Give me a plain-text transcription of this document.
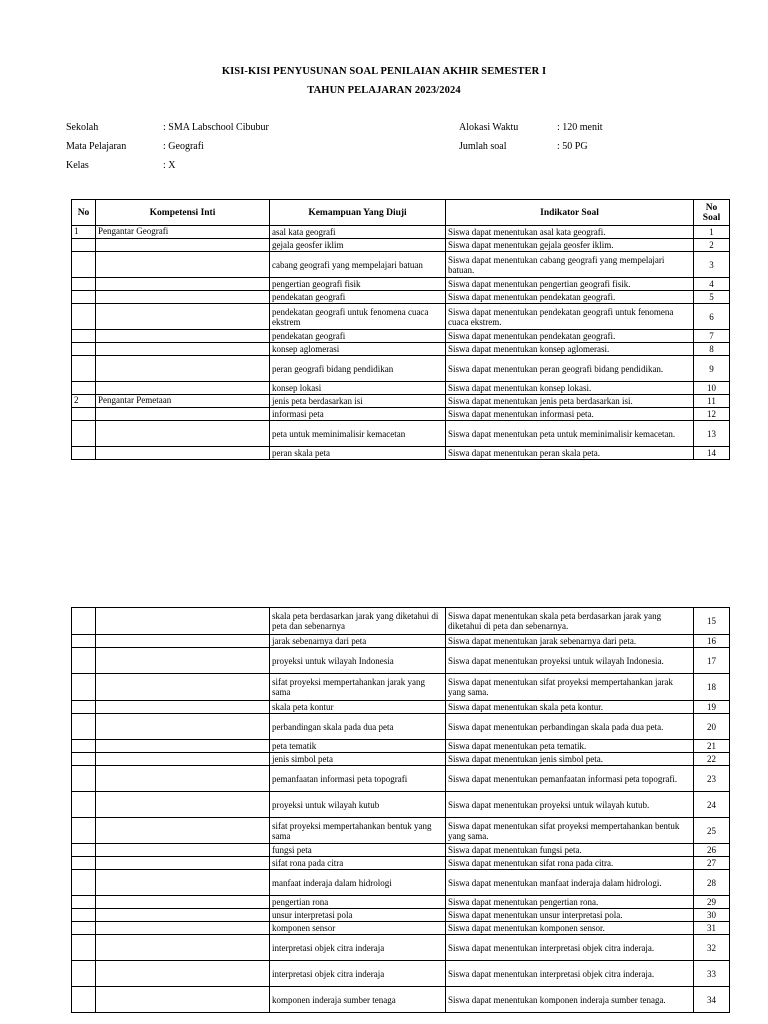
KISI-KISI PENYUSUNAN SOAL PENILAIAN AKHIR SEMESTER I
TAHUN PELAJARAN 2023/2024
Sekolah	: SMA Labschool Cibubur
Mata Pelajaran	: Geografi
Kelas	: X
Alokasi Waktu	: 120 menit
Jumlah soal	: 50 PG
No	Kompetensi Inti	Kemampuan Yang Diuji	Indikator Soal	No Soal
1	Pengantar Geografi	asal kata geografi	Siswa dapat menentukan asal kata geografi.	1
		gejala geosfer iklim	Siswa dapat menentukan gejala geosfer iklim.	2
		cabang geografi yang mempelajari batuan	Siswa dapat menentukan cabang geografi yang mempelajari batuan.	3
		pengertian geografi fisik	Siswa dapat menentukan pengertian geografi fisik.	4
		pendekatan geografi	Siswa dapat menentukan pendekatan geografi.	5
		pendekatan geografi untuk fenomena cuaca ekstrem	Siswa dapat menentukan pendekatan geografi untuk fenomena cuaca ekstrem.	6
		pendekatan geografi	Siswa dapat menentukan pendekatan geografi.	7
		konsep aglomerasi	Siswa dapat menentukan konsep aglomerasi.	8
		peran geografi bidang pendidikan	Siswa dapat menentukan peran geografi bidang pendidikan.	9
		konsep lokasi	Siswa dapat menentukan konsep lokasi.	10
2	Pengantar Pemetaan	jenis peta berdasarkan isi	Siswa dapat menentukan jenis peta berdasarkan isi.	11
		informasi peta	Siswa dapat menentukan informasi peta.	12
		peta untuk meminimalisir kemacetan	Siswa dapat menentukan peta untuk meminimalisir kemacetan.	13
		peran skala peta	Siswa dapat menentukan peran skala peta.	14
		skala peta berdasarkan jarak yang diketahui di peta dan sebenarnya	Siswa dapat menentukan skala peta berdasarkan jarak yang diketahui di peta dan sebenarnya.	15
		jarak sebenarnya dari peta	Siswa dapat menentukan jarak sebenarnya dari peta.	16
		proyeksi untuk wilayah Indonesia	Siswa dapat menentukan proyeksi untuk wilayah Indonesia.	17
		sifat proyeksi mempertahankan jarak yang sama	Siswa dapat menentukan sifat proyeksi mempertahankan jarak yang sama.	18
		skala peta kontur	Siswa dapat menentukan skala peta kontur.	19
		perbandingan skala pada dua peta	Siswa dapat menentukan perbandingan skala pada dua peta.	20
		peta tematik	Siswa dapat menentukan peta tematik.	21
		jenis simbol peta	Siswa dapat menentukan jenis simbol peta.	22
		pemanfaatan informasi peta topografi	Siswa dapat menentukan pemanfaatan informasi peta topografi.	23
		proyeksi untuk wilayah kutub	Siswa dapat menentukan proyeksi untuk wilayah kutub.	24
		sifat proyeksi mempertahankan bentuk yang sama	Siswa dapat menentukan sifat proyeksi mempertahankan bentuk yang sama.	25
		fungsi peta	Siswa dapat menentukan fungsi peta.	26
		sifat rona pada citra	Siswa dapat menentukan sifat rona pada citra.	27
		manfaat inderaja dalam hidrologi	Siswa dapat menentukan manfaat inderaja dalam hidrologi.	28
		pengertian rona	Siswa dapat menentukan pengertian rona.	29
		unsur interpretasi pola	Siswa dapat menentukan unsur interpretasi pola.	30
		komponen sensor	Siswa dapat menentukan komponen sensor.	31
		interpretasi objek citra inderaja	Siswa dapat menentukan interpretasi objek citra inderaja.	32
		interpretasi objek citra inderaja	Siswa dapat menentukan interpretasi objek citra inderaja.	33
		komponen inderaja sumber tenaga	Siswa dapat menentukan komponen inderaja sumber tenaga.	34
